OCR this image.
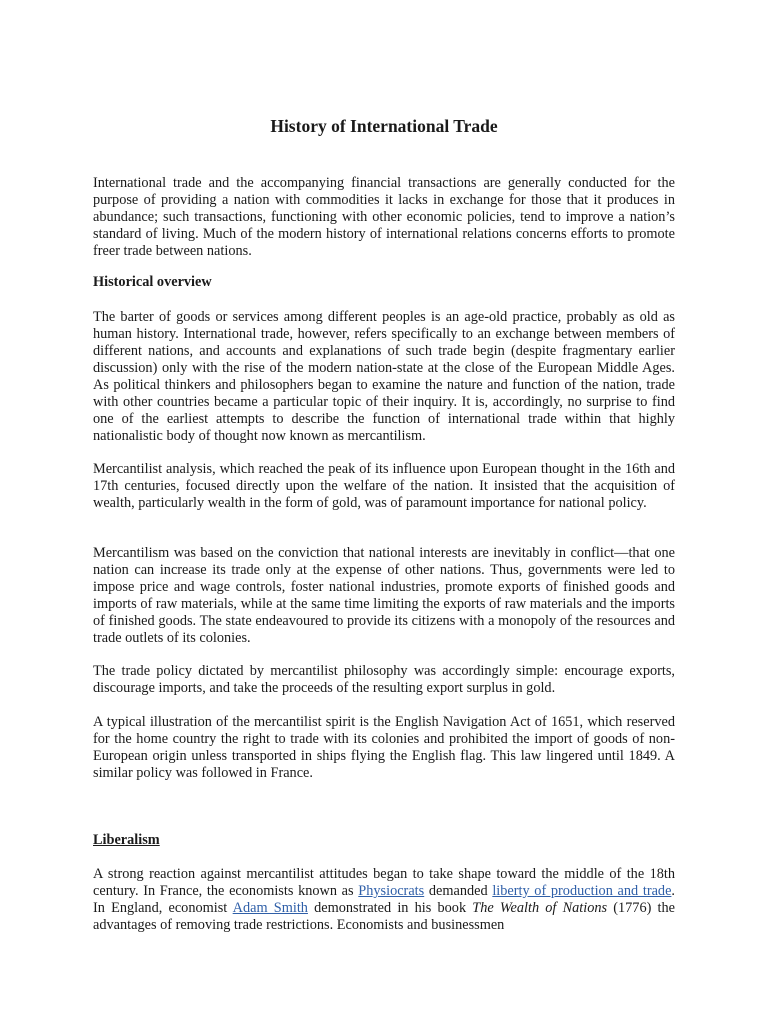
History of International Trade

International trade and the accompanying financial transactions are generally conducted for the purpose of providing a nation with commodities it lacks in exchange for those that it produces in abundance; such transactions, functioning with other economic policies, tend to improve a nation’s standard of living. Much of the modern history of international relations concerns efforts to promote freer trade between nations.

Historical overview

The barter of goods or services among different peoples is an age-old practice, probably as old as human history. International trade, however, refers specifically to an exchange between members of different nations, and accounts and explanations of such trade begin (despite fragmentary earlier discussion) only with the rise of the modern nation-state at the close of the European Middle Ages. As political thinkers and philosophers began to examine the nature and function of the nation, trade with other countries became a particular topic of their inquiry. It is, accordingly, no surprise to find one of the earliest attempts to describe the function of international trade within that highly nationalistic body of thought now known as mercantilism.

Mercantilist analysis, which reached the peak of its influence upon European thought in the 16th and 17th centuries, focused directly upon the welfare of the nation. It insisted that the acquisition of wealth, particularly wealth in the form of gold, was of paramount importance for national policy.

Mercantilism was based on the conviction that national interests are inevitably in conflict—that one nation can increase its trade only at the expense of other nations. Thus, governments were led to impose price and wage controls, foster national industries, promote exports of finished goods and imports of raw materials, while at the same time limiting the exports of raw materials and the imports of finished goods. The state endeavoured to provide its citizens with a monopoly of the resources and trade outlets of its colonies.

The trade policy dictated by mercantilist philosophy was accordingly simple: encourage exports, discourage imports, and take the proceeds of the resulting export surplus in gold.

A typical illustration of the mercantilist spirit is the English Navigation Act of 1651, which reserved for the home country the right to trade with its colonies and prohibited the import of goods of non-European origin unless transported in ships flying the English flag. This law lingered until 1849. A similar policy was followed in France.

Liberalism

A strong reaction against mercantilist attitudes began to take shape toward the middle of the 18th century. In France, the economists known as Physiocrats demanded liberty of production and trade. In England, economist Adam Smith demonstrated in his book The Wealth of Nations (1776) the advantages of removing trade restrictions. Economists and businessmen
